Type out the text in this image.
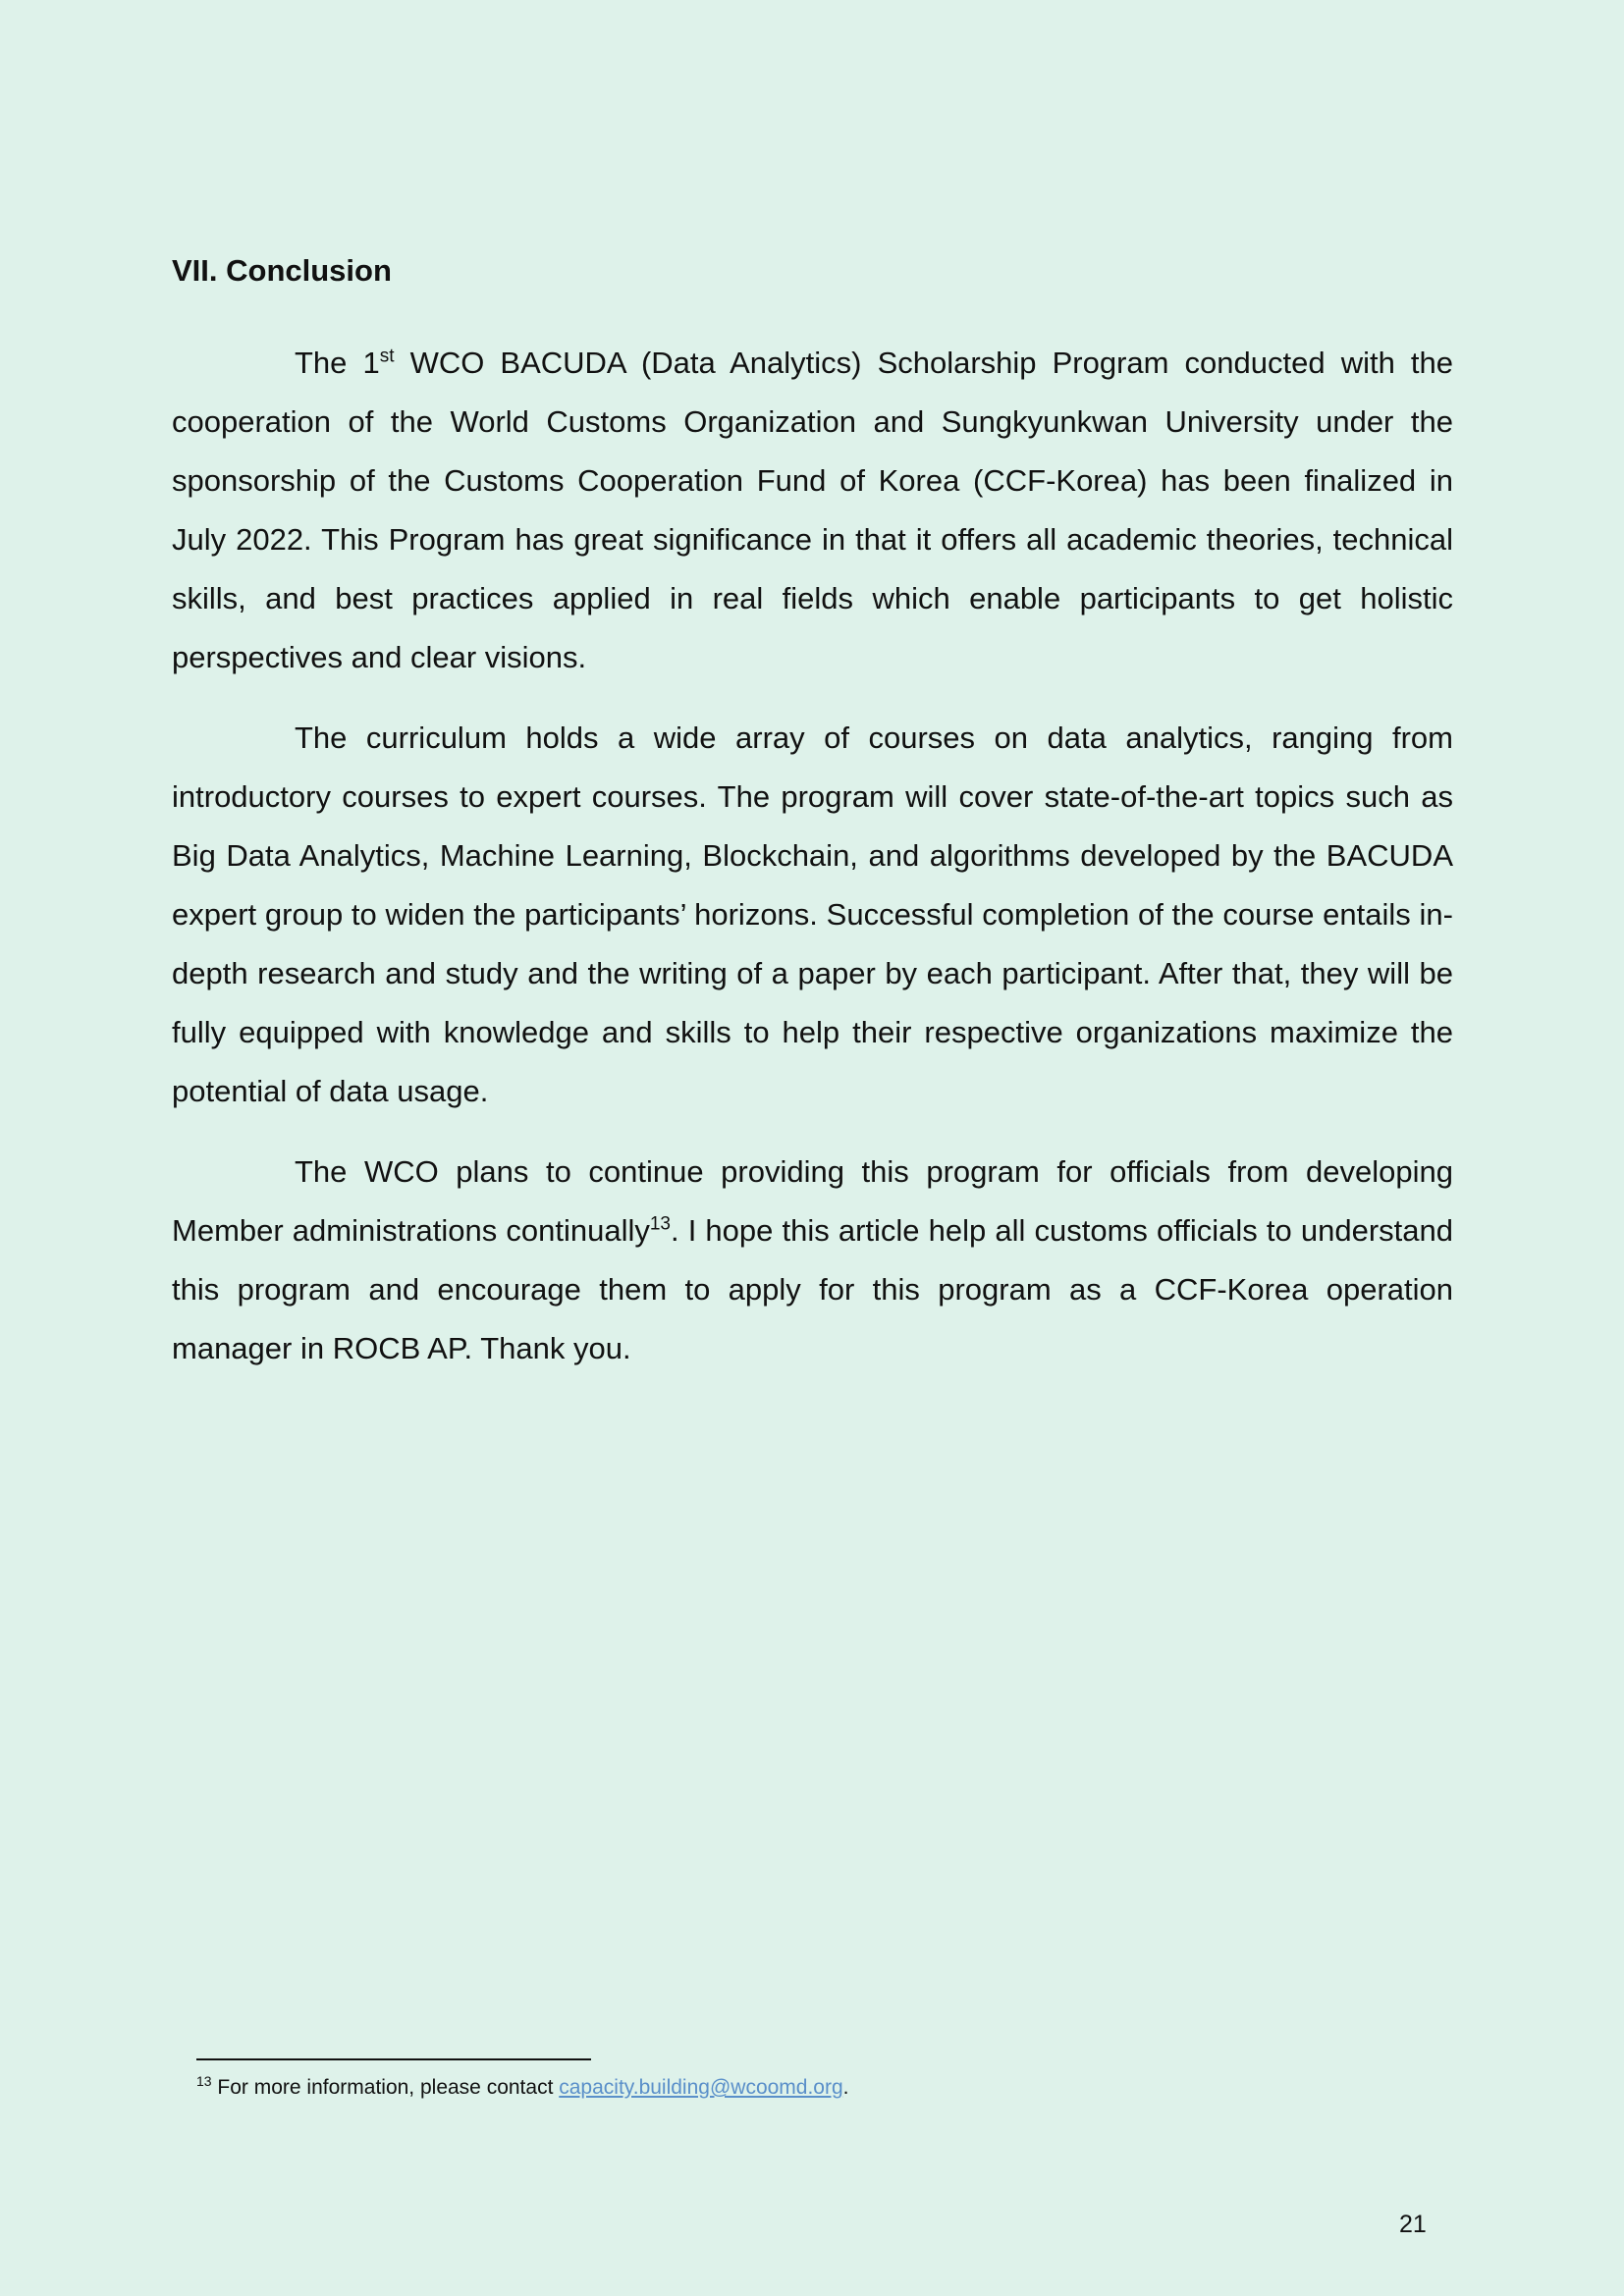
VII. Conclusion

The 1st WCO BACUDA (Data Analytics) Scholarship Program conducted with the cooperation of the World Customs Organization and Sungkyunkwan University under the sponsorship of the Customs Cooperation Fund of Korea (CCF-Korea) has been finalized in July 2022. This Program has great significance in that it offers all academic theories, technical skills, and best practices applied in real fields which enable participants to get holistic perspectives and clear visions.

The curriculum holds a wide array of courses on data analytics, ranging from introductory courses to expert courses. The program will cover state-of-the-art topics such as Big Data Analytics, Machine Learning, Blockchain, and algorithms developed by the BACUDA expert group to widen the participants’ horizons. Successful completion of the course entails in-depth research and study and the writing of a paper by each participant. After that, they will be fully equipped with knowledge and skills to help their respective organizations maximize the potential of data usage.

The WCO plans to continue providing this program for officials from developing Member administrations continually$^{13}$. I hope this article help all customs officials to understand this program and encourage them to apply for this program as a CCF-Korea operation manager in ROCB AP. Thank you.

$^{13}$ For more information, please contact capacity.building@wcoomd.org.

21
